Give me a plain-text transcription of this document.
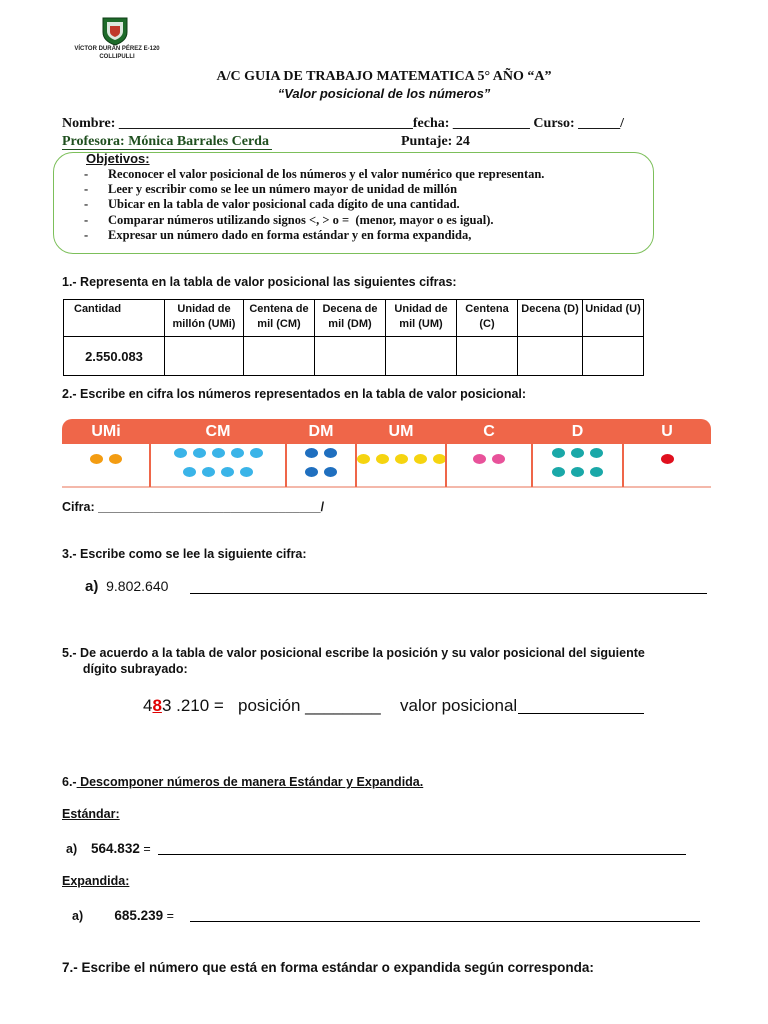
VÍCTOR DURÁN PÉREZ E-120
COLLIPULLI
A/C GUIA DE TRABAJO MATEMATICA 5° AÑO “A”
“Valor posicional de los números”
Nombre: __________________________________________fecha: ___________ Curso: ______/
Profesora: Mónica Barrales Cerda	Puntaje: 24
Objetivos:
- Reconocer el valor posicional de los números y el valor numérico que representan.
- Leer y escribir como se lee un número mayor de unidad de millón
- Ubicar en la tabla de valor posicional cada dígito de una cantidad.
- Comparar números utilizando signos <, > o =  (menor, mayor o es igual).
- Expresar un número dado en forma estándar y en forma expandida,
1.- Representa en la tabla de valor posicional las siguientes cifras:
Cantidad	Unidad de millón (UMi)	Centena de mil (CM)	Decena de mil (DM)	Unidad de mil (UM)	Centena (C)	Decena (D)	Unidad (U)
2.550.083							
2.- Escribe en cifra los números representados en la tabla de valor posicional:
UMi	CM	DM	UM	C	D	U
Cifra: ________________________________/
3.- Escribe como se lee la siguiente cifra:
a) 9.802.640
5.- De acuerdo a la tabla de valor posicional escribe la posición y su valor posicional del siguiente
dígito subrayado:
483 .210 =   posición ________ valor posicional
6.- Descomponer números de manera Estándar y Expandida.
Estándar:
a) 564.832 =
Expandida:
a) 685.239 =
7.- Escribe el número que está en forma estándar o expandida según corresponda:
